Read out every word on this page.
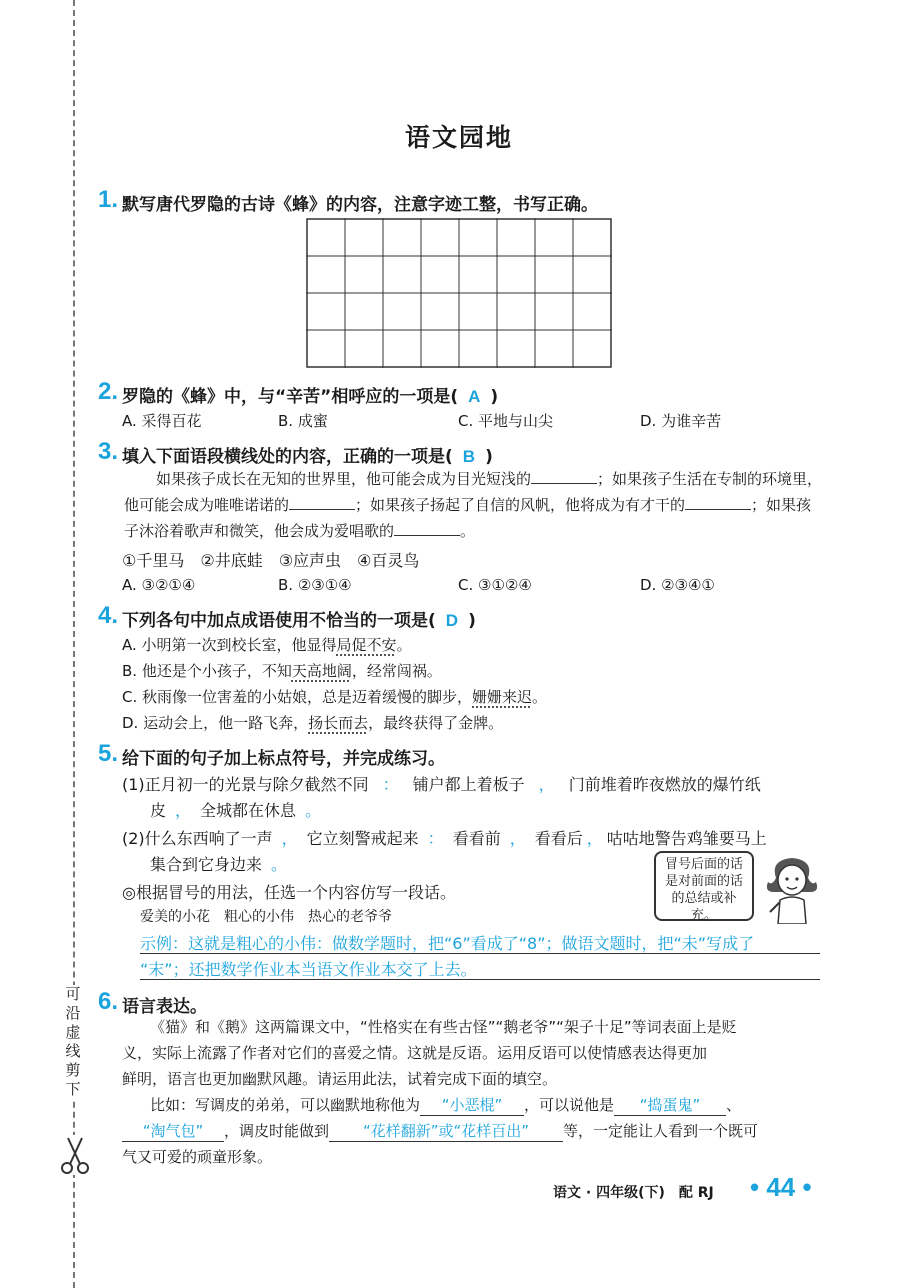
可沿虚线剪下
语文园地
1. 默写唐代罗隐的古诗《蜂》的内容，注意字迹工整，书写正确。
2. 罗隐的《蜂》中，与“辛苦”相呼应的一项是( A )
A. 采得百花	B. 成蜜	C. 平地与山尖	D. 为谁辛苦
3. 填入下面语段横线处的内容，正确的一项是( B )
如果孩子成长在无知的世界里，他可能会成为目光短浅的	；如果孩子生活在专制的环境里，他可能会成为唯唯诺诺的	；如果孩子扬起了自信的风帆，他将成为有才干的	；如果孩子沐浴着歌声和微笑，他会成为爱唱歌的	。
①千里马　②井底蛙　③应声虫　④百灵鸟
A. ③②①④	B. ②③①④	C. ③①②④	D. ②③④①
4. 下列各句中加点成语使用不恰当的一项是( D )
A. 小明第一次到校长室，他显得局促不安。
B. 他还是个小孩子，不知天高地阔，经常闯祸。
C. 秋雨像一位害羞的小姑娘，总是迈着缓慢的脚步，姗姗来迟。
D. 运动会上，他一路飞奔，扬长而去，最终获得了金牌。
5. 给下面的句子加上标点符号，并完成练习。
(1)正月初一的光景与除夕截然不同 ： 铺户都上着板子 ， 门前堆着昨夜燃放的爆竹纸
皮 ， 全城都在休息 。
(2)什么东西响了一声 ， 它立刻警戒起来 ： 看看前 ， 看看后 ， 咕咕地警告鸡雏要马上
集合到它身边来 。	冒号后面的话是对前面的话的总结或补充。
◎根据冒号的用法，任选一个内容仿写一段话。
爱美的小花　粗心的小伟　热心的老爷爷
示例：这就是粗心的小伟：做数学题时，把“6”看成了“8”；做语文题时，把“未”写成了
“末”；还把数学作业本当语文作业本交了上去。
6. 语言表达。
《猫》和《鹅》这两篇课文中，“性格实在有些古怪”“鹅老爷”“架子十足”等词表面上是贬
义，实际上流露了作者对它们的喜爱之情。这就是反语。运用反语可以使情感表达得更加
鲜明，语言也更加幽默风趣。请运用此法，试着完成下面的填空。
比如：写调皮的弟弟，可以幽默地称他为 “小恶棍” ，可以说他是 “捣蛋鬼” 、
“淘气包” ，调皮时能做到 “花样翻新”或“花样百出” 等，一定能让人看到一个既可
气又可爱的顽童形象。
语文 · 四年级(下)　配 RJ • 44 •
